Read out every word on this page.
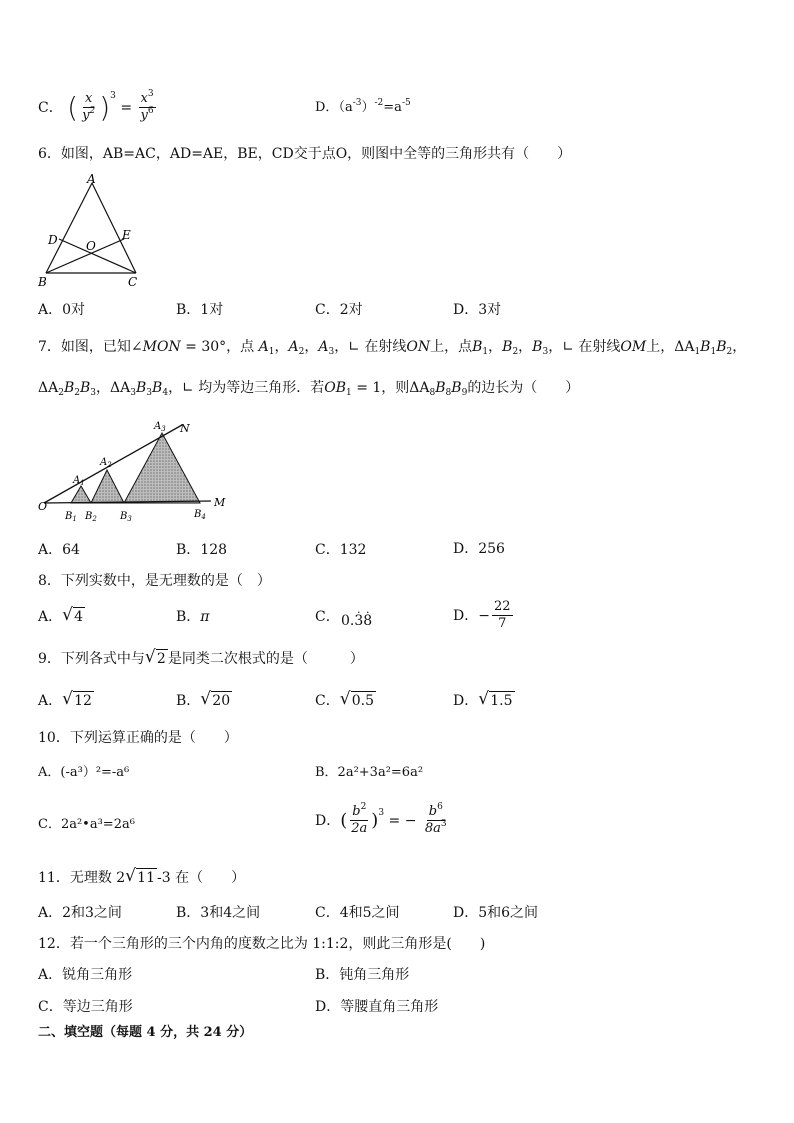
C． ( $\frac{x}{y^2} )^3 = \frac{x^3}{y^6}$	D．$(a^{-3})^{-2}=a^{-5}$
6．如图，AB=AC，AD=AE，BE，CD交于点O，则图中全等的三角形共有（　　）
A
D	E
O
B	C
A．0对	B．1对	C．2对	D．3对
7．如图，已知∠MON = 30°，点 $A_1$，$A_2$，$A_3$，∟ 在射线ON上，点$B_1$，$B_2$，$B_3$，∟ 在射线OM上，$\Delta A_1B_1B_2$，
$\Delta A_2B_2B_3$，$\Delta A_3B_3B_4$，∟ 均为等边三角形．若$OB_1 = 1$，则$\Delta A_8B_8B_9$的边长为（　　）
O	M
N
$A_1$
$A_2$
$A_3$
$B_1$ $B_2$ $B_3$	$B_4$
A．64	B．128	C．132	D．256
8．下列实数中，是无理数的是（　）
A． √ 4	B．π	C． 0.38
. .	D．− $\frac{22}{7}$
9．下列各式中与 √ 2 是同类二次根式的是（　　　）
A． √ 12	B． √ 20	C． √ 0.5	D． √ 1.5
10．下列运算正确的是（　　）
A．(-a³）²=-a⁶	B．2a²+3a²=6a²
C．2a²•a³=2a⁶	D．( $\frac{b^2}{2a} )^3$ = − $\frac{b^6}{8a^3}$
11．无理数 2 √ 11 -3 在（　　）
A．2和3之间	B．3和4之间	C．4和5之间	D．5和6之间
12．若一个三角形的三个内角的度数之比为 1:1:2，则此三角形是(　　)
A．锐角三角形	B．钝角三角形
C．等边三角形	D．等腰直角三角形
二、填空题（每题 4 分，共 24 分）
